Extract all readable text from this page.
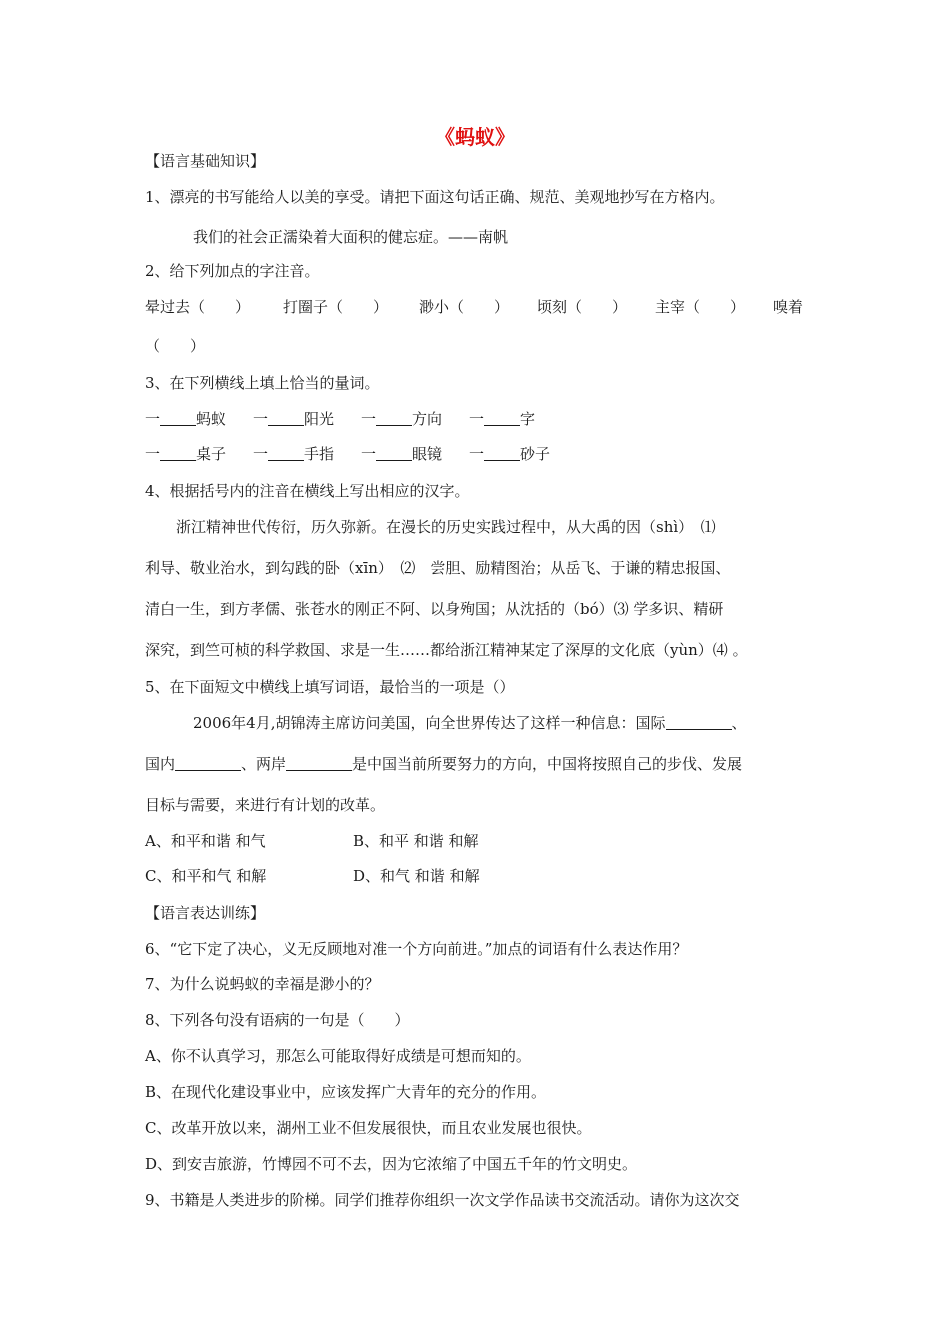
《蚂蚁》
【语言基础知识】
1、漂亮的书写能给人以美的享受。请把下面这句话正确、规范、美观地抄写在方格内。
我们的社会正濡染着大面积的健忘症。——南帆
2、给下列加点的字注音。
晕过去（　　） 打圈子（　　） 渺小（　　） 顷刻（　　） 主宰（　　） 嗅着
（　　）
3、在下列横线上填上恰当的量词。
一 蚂蚁 一 阳光 一 方向 一 字
一 桌子 一 手指 一 眼镜 一 砂子
4、根据括号内的注音在横线上写出相应的汉字。
浙江精神世代传衍，历久弥新。在漫长的历史实践过程中，从大禹的因（shì）　⑴
利导、敬业治水，到勾践的卧（xīn）　⑵　尝胆、励精图治；从岳飞、于谦的精忠报国、
清白一生，到方孝儒、张苍水的刚正不阿、以身殉国；从沈括的（bó）⑶ 学多识、精研
深究，到竺可桢的科学救国、求是一生……都给浙江精神某定了深厚的文化底（yùn）⑷ 。
5、在下面短文中横线上填写词语，最恰当的一项是（）
2006年4月,胡锦涛主席访问美国，向全世界传达了这样一种信息：国际	、
国内	、两岸	是中国当前所要努力的方向，中国将按照自己的步伐、发展
目标与需要，来进行有计划的改革。
A、和平和谐 和气	B、和平 和谐 和解
C、和平和气 和解	D、和气 和谐 和解
【语言表达训练】
6、“它下定了决心，义无反顾地对准一个方向前进。”加点的词语有什么表达作用？
7、为什么说蚂蚁的幸福是渺小的？
8、下列各句没有语病的一句是（　　）
A、你不认真学习，那怎么可能取得好成绩是可想而知的。
B、在现代化建设事业中，应该发挥广大青年的充分的作用。
C、改革开放以来，湖州工业不但发展很快，而且农业发展也很快。
D、到安吉旅游，竹博园不可不去，因为它浓缩了中国五千年的竹文明史。
9、书籍是人类进步的阶梯。同学们推荐你组织一次文学作品读书交流活动。请你为这次交
